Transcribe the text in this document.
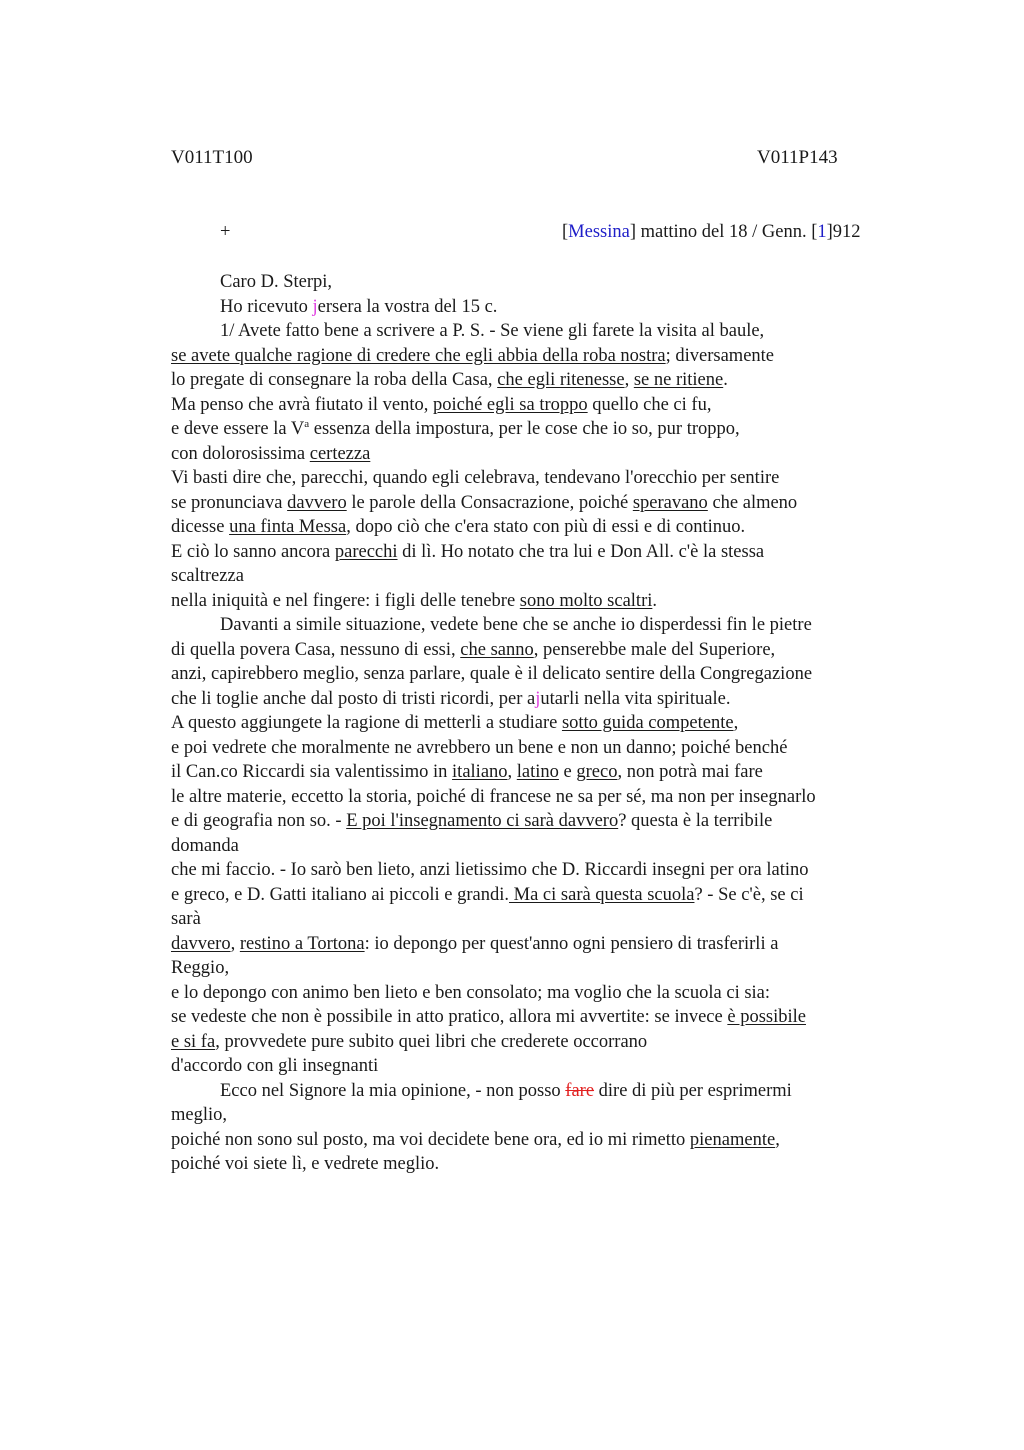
V011T100	V011P143
+	[Messina] mattino del 18 / Genn. [1]912
Caro D. Sterpi,
Ho ricevuto jersera la vostra del 15 c.
1/ Avete fatto bene a scrivere a P. S. - Se viene gli farete la visita al baule,
se avete qualche ragione di credere che egli abbia della roba nostra; diversamente
lo pregate di consegnare la roba della Casa, che egli ritenesse, se ne ritiene.
Ma penso che avrà fiutato il vento, poiché egli sa troppo quello che ci fu,
e deve essere la $V^a$ essenza della impostura, per le cose che io so, pur troppo,
con dolorosissima certezza
Vi basti dire che, parecchi, quando egli celebrava, tendevano l'orecchio per sentire
se pronunciava davvero le parole della Consacrazione, poiché speravano che almeno
dicesse una finta Messa, dopo ciò che c'era stato con più di essi e di continuo.
E ciò lo sanno ancora parecchi di lì. Ho notato che tra lui e Don All. c'è la stessa
scaltrezza
nella iniquità e nel fingere: i figli delle tenebre sono molto scaltri.
Davanti a simile situazione, vedete bene che se anche io disperdessi fin le pietre
di quella povera Casa, nessuno di essi, che sanno, penserebbe male del Superiore,
anzi, capirebbero meglio, senza parlare, quale è il delicato sentire della Congregazione
che li toglie anche dal posto di tristi ricordi, per ajutarli nella vita spirituale.
A questo aggiungete la ragione di metterli a studiare sotto guida competente,
e poi vedrete che moralmente ne avrebbero un bene e non un danno; poiché benché
il Can.co Riccardi sia valentissimo in italiano, latino e greco, non potrà mai fare
le altre materie, eccetto la storia, poiché di francese ne sa per sé, ma non per insegnarlo
e di geografia non so. - E poi l'insegnamento ci sarà davvero? questa è la terribile
domanda
che mi faccio. - Io sarò ben lieto, anzi lietissimo che D. Riccardi insegni per ora latino
e greco, e D. Gatti italiano ai piccoli e grandi. Ma ci sarà questa scuola? - Se c'è, se ci
sarà
davvero, restino a Tortona: io depongo per quest'anno ogni pensiero di trasferirli a
Reggio,
e lo depongo con animo ben lieto e ben consolato; ma voglio che la scuola ci sia:
se vedeste che non è possibile in atto pratico, allora mi avvertite: se invece è possibile
e si fa, provvedete pure subito quei libri che crederete occorrano
d'accordo con gli insegnanti
Ecco nel Signore la mia opinione, - non posso fare dire di più per esprimermi
meglio,
poiché non sono sul posto, ma voi decidete bene ora, ed io mi rimetto pienamente,
poiché voi siete lì, e vedrete meglio.
